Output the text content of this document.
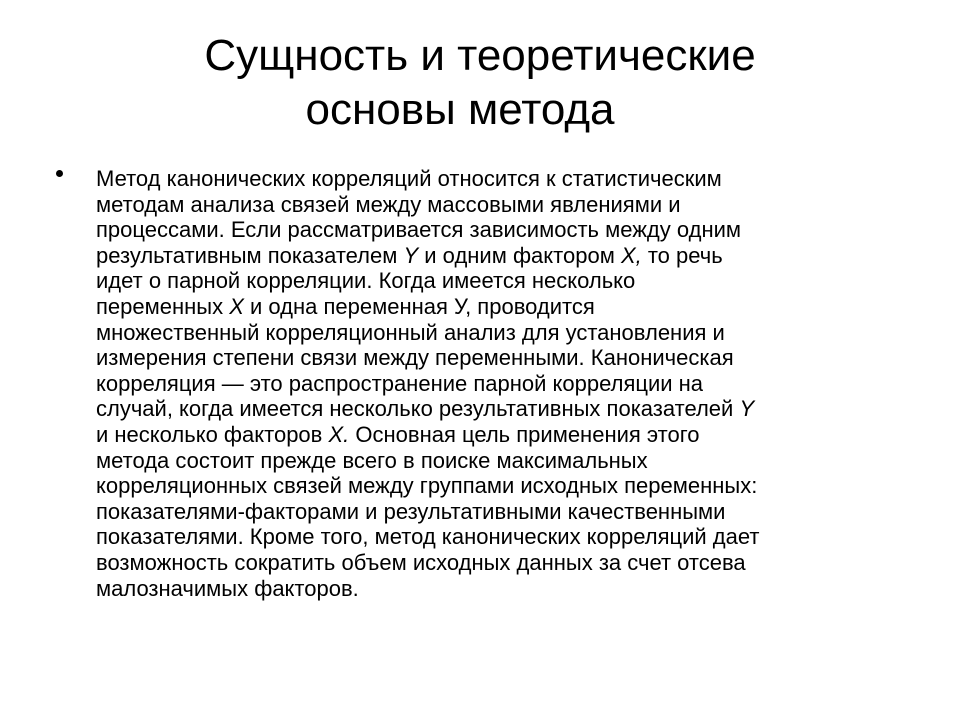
Сущность и теоретические
основы метода

Метод канонических корреляций относится к статистическим
методам анализа связей между массовыми явлениями и
процессами. Если рассматривается зависимость между одним
результативным показателем Y и одним фактором X, то речь
идет о парной корреляции. Когда имеется несколько
переменных X и одна переменная У, проводится
множественный корреляционный анализ для установления и
измерения степени связи между переменными. Каноническая
корреляция — это распространение парной корреляции на
случай, когда имеется несколько результативных показателей Y
и несколько факторов X. Основная цель применения этого
метода состоит прежде всего в поиске максимальных
корреляционных связей между группами исходных переменных:
показателями-факторами и результативными качественными
показателями. Кроме того, метод канонических корреляций дает
возможность сократить объем исходных данных за счет отсева
малозначимых факторов.
